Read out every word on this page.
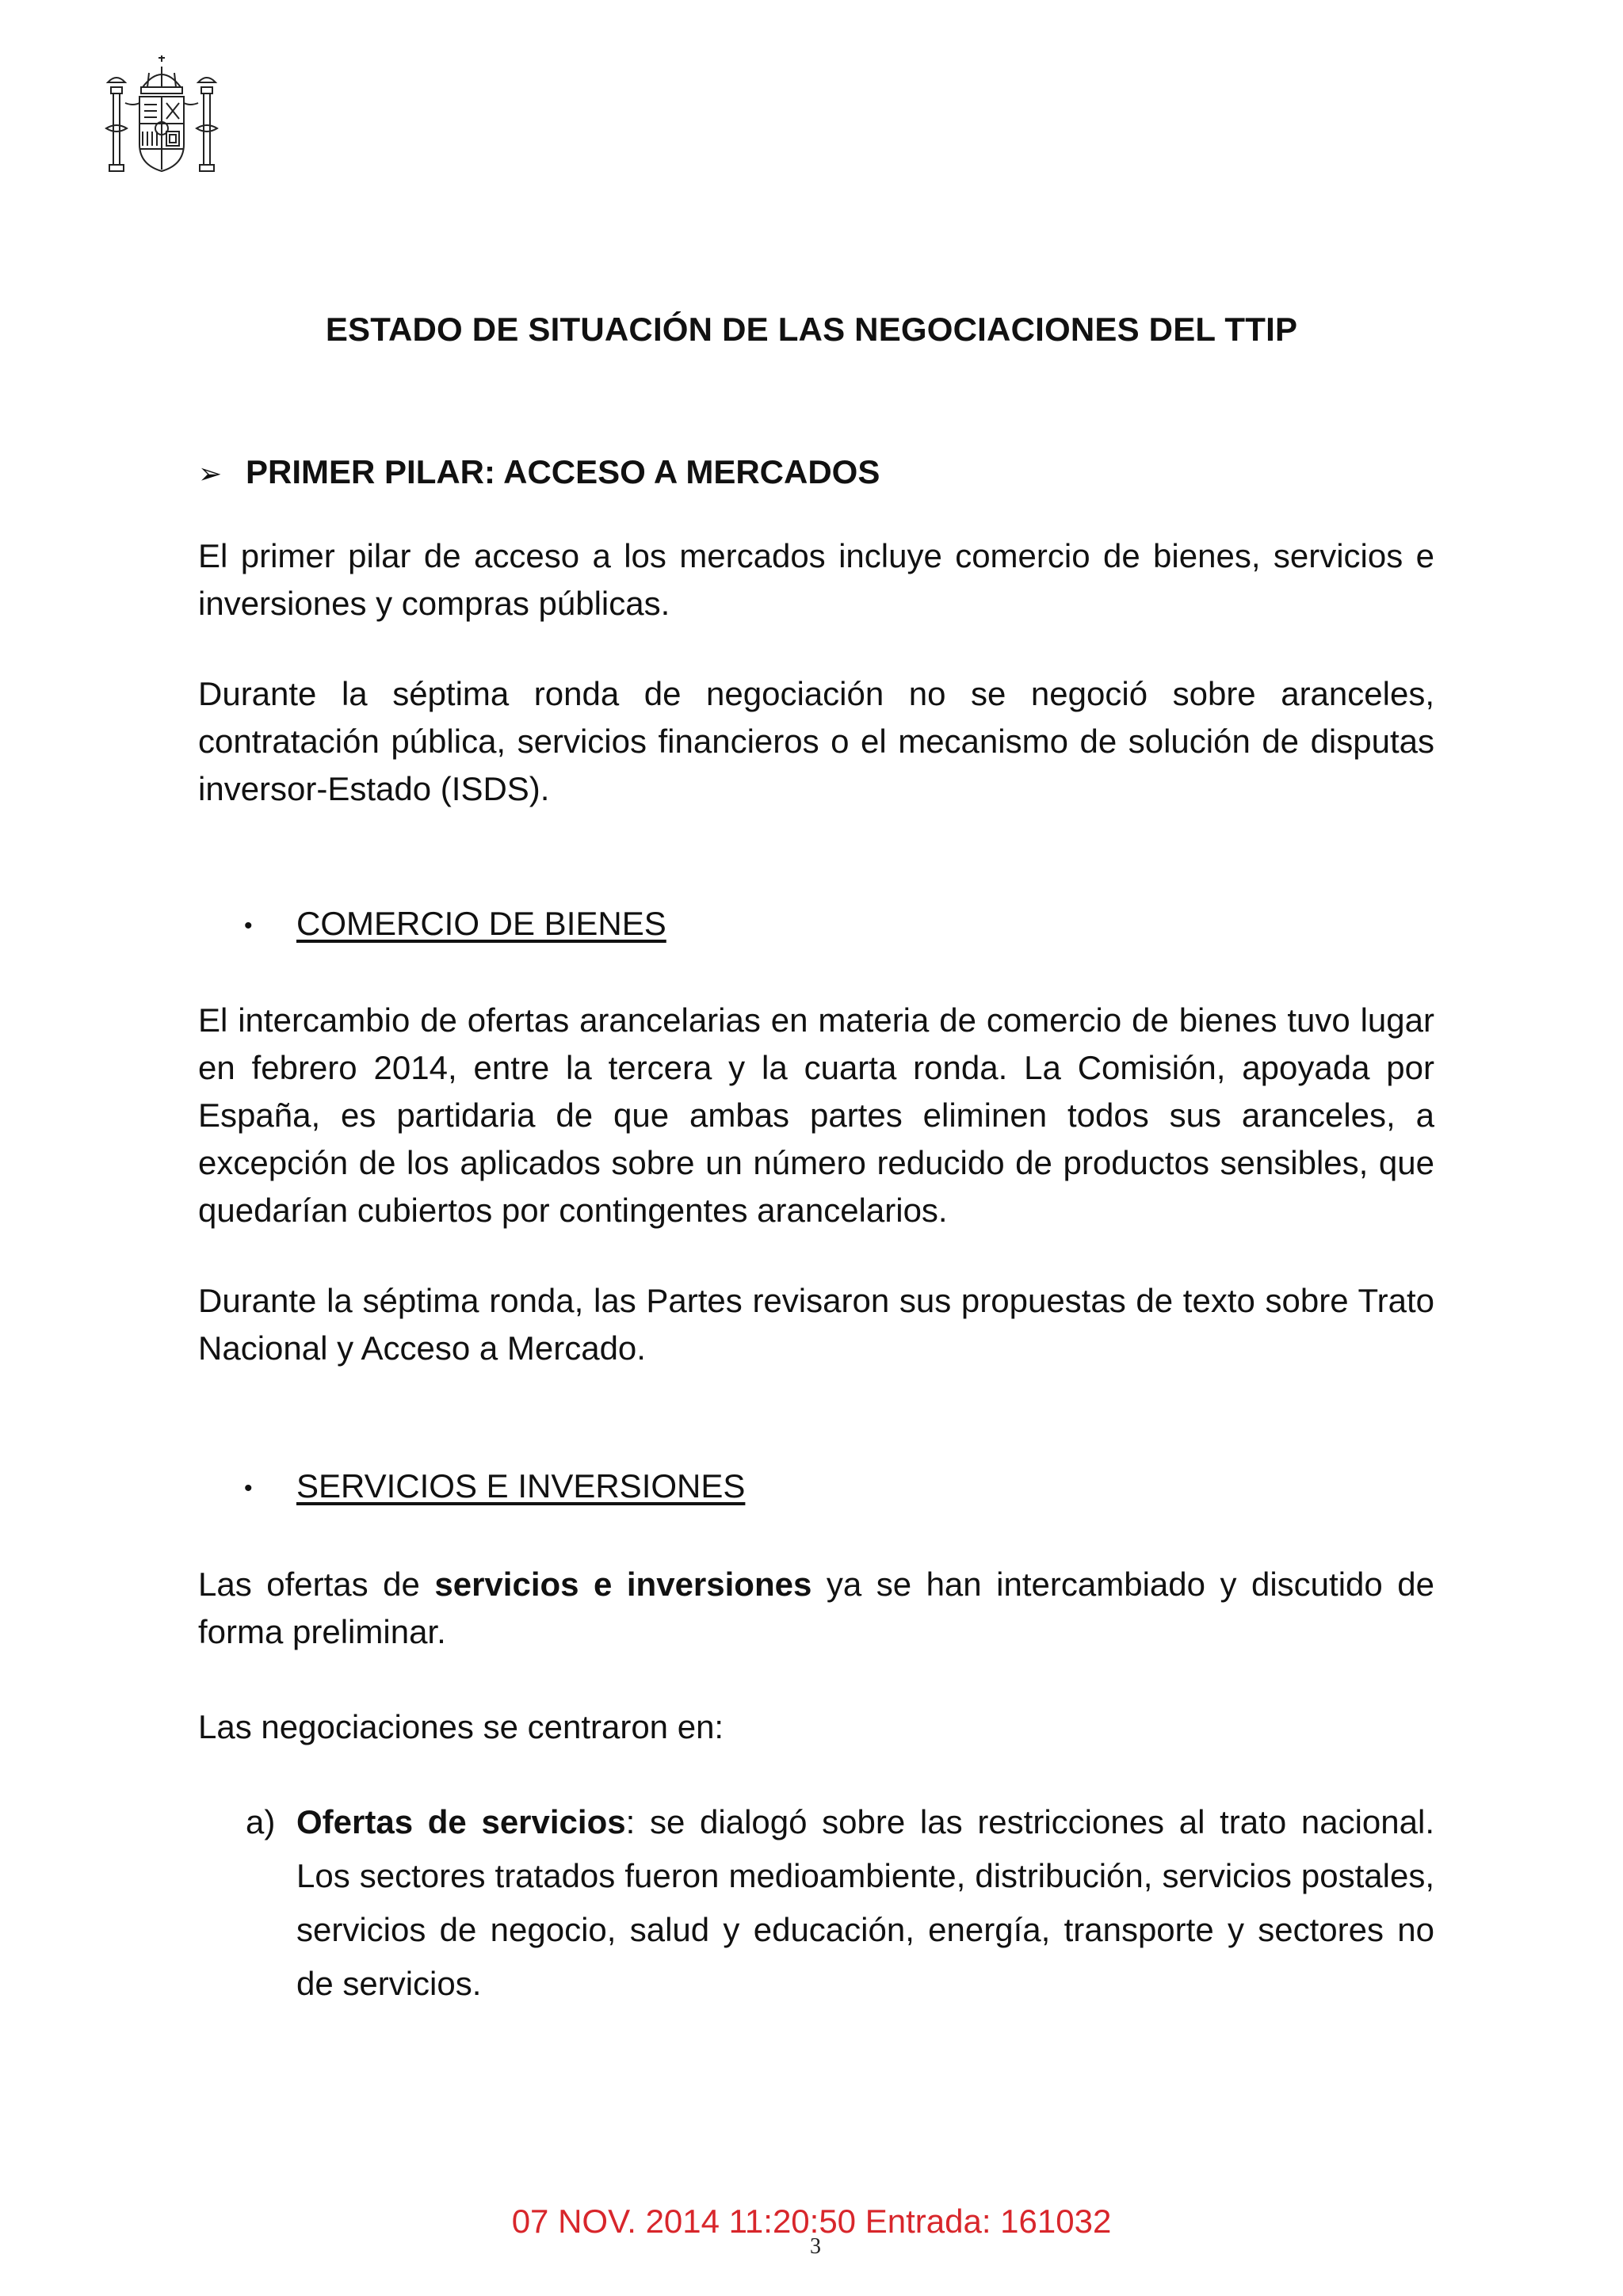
ESTADO DE SITUACIÓN DE LAS NEGOCIACIONES DEL TTIP
➢ PRIMER PILAR: ACCESO A MERCADOS

El primer pilar de acceso a los mercados incluye comercio de bienes, servicios e inversiones y compras públicas.

Durante la séptima ronda de negociación no se negoció sobre aranceles, contratación pública, servicios financieros o el mecanismo de solución de disputas inversor-Estado (ISDS).

• COMERCIO DE BIENES

El intercambio de ofertas arancelarias en materia de comercio de bienes tuvo lugar en febrero 2014, entre la tercera y la cuarta ronda. La Comisión, apoyada por España, es partidaria de que ambas partes eliminen todos sus aranceles, a excepción de los aplicados sobre un número reducido de productos sensibles, que quedarían cubiertos por contingentes arancelarios.

Durante la séptima ronda, las Partes revisaron sus propuestas de texto sobre Trato Nacional y Acceso a Mercado.

• SERVICIOS E INVERSIONES

Las ofertas de servicios e inversiones ya se han intercambiado y discutido de forma preliminar.

Las negociaciones se centraron en:

a) Ofertas de servicios: se dialogó sobre las restricciones al trato nacional. Los sectores tratados fueron medioambiente, distribución, servicios postales, servicios de negocio, salud y educación, energía, transporte y sectores no de servicios.
07 NOV. 2014 11:20:50 Entrada: 161032
3
